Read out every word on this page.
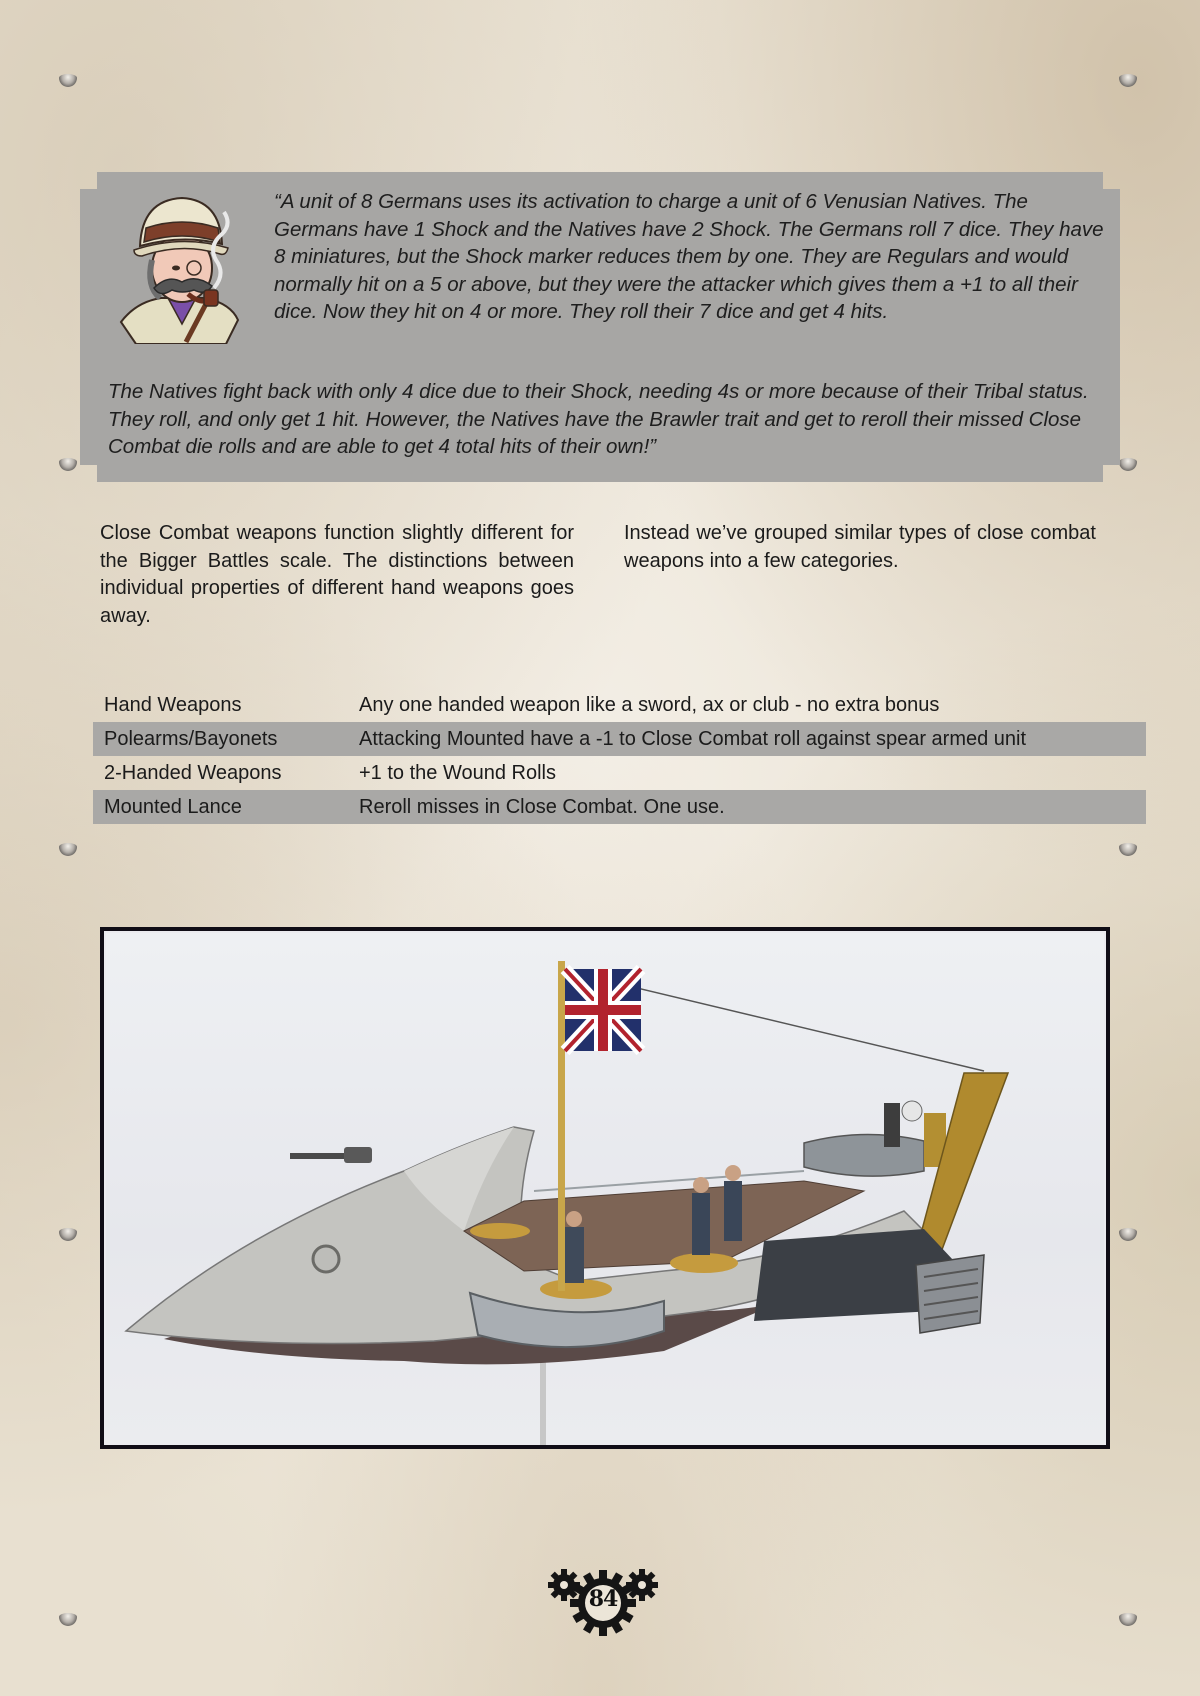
“A unit of 8 Germans uses its activation to charge a unit of 6 Venusian Natives. The Germans have 1 Shock and the Natives have 2 Shock. The Germans roll 7 dice. They have 8 miniatures, but the Shock marker reduces them by one. They are Regulars and would normally hit on a 5 or above, but they were the attacker which gives them a +1 to all their dice. Now they hit on 4 or more. They roll their 7 dice and get 4 hits.

The Natives fight back with only 4 dice due to their Shock, needing 4s or more because of their Tribal status. They roll, and only get 1 hit. However, the Natives have the Brawler trait and get to reroll their missed Close Combat die rolls and are able to get 4 total hits of their own!”

Close Combat weapons function slightly different for the Bigger Battles scale. The distinctions between individual properties of different hand weapons goes away.

Instead we’ve grouped similar types of close combat weapons into a few categories.

Hand Weapons	Any one handed weapon like a sword, ax or club - no extra bonus
Polearms/Bayonets	Attacking Mounted have a -1 to Close Combat roll against spear armed unit
2-Handed Weapons	+1 to the Wound Rolls
Mounted Lance	Reroll misses in Close Combat. One use.
84
